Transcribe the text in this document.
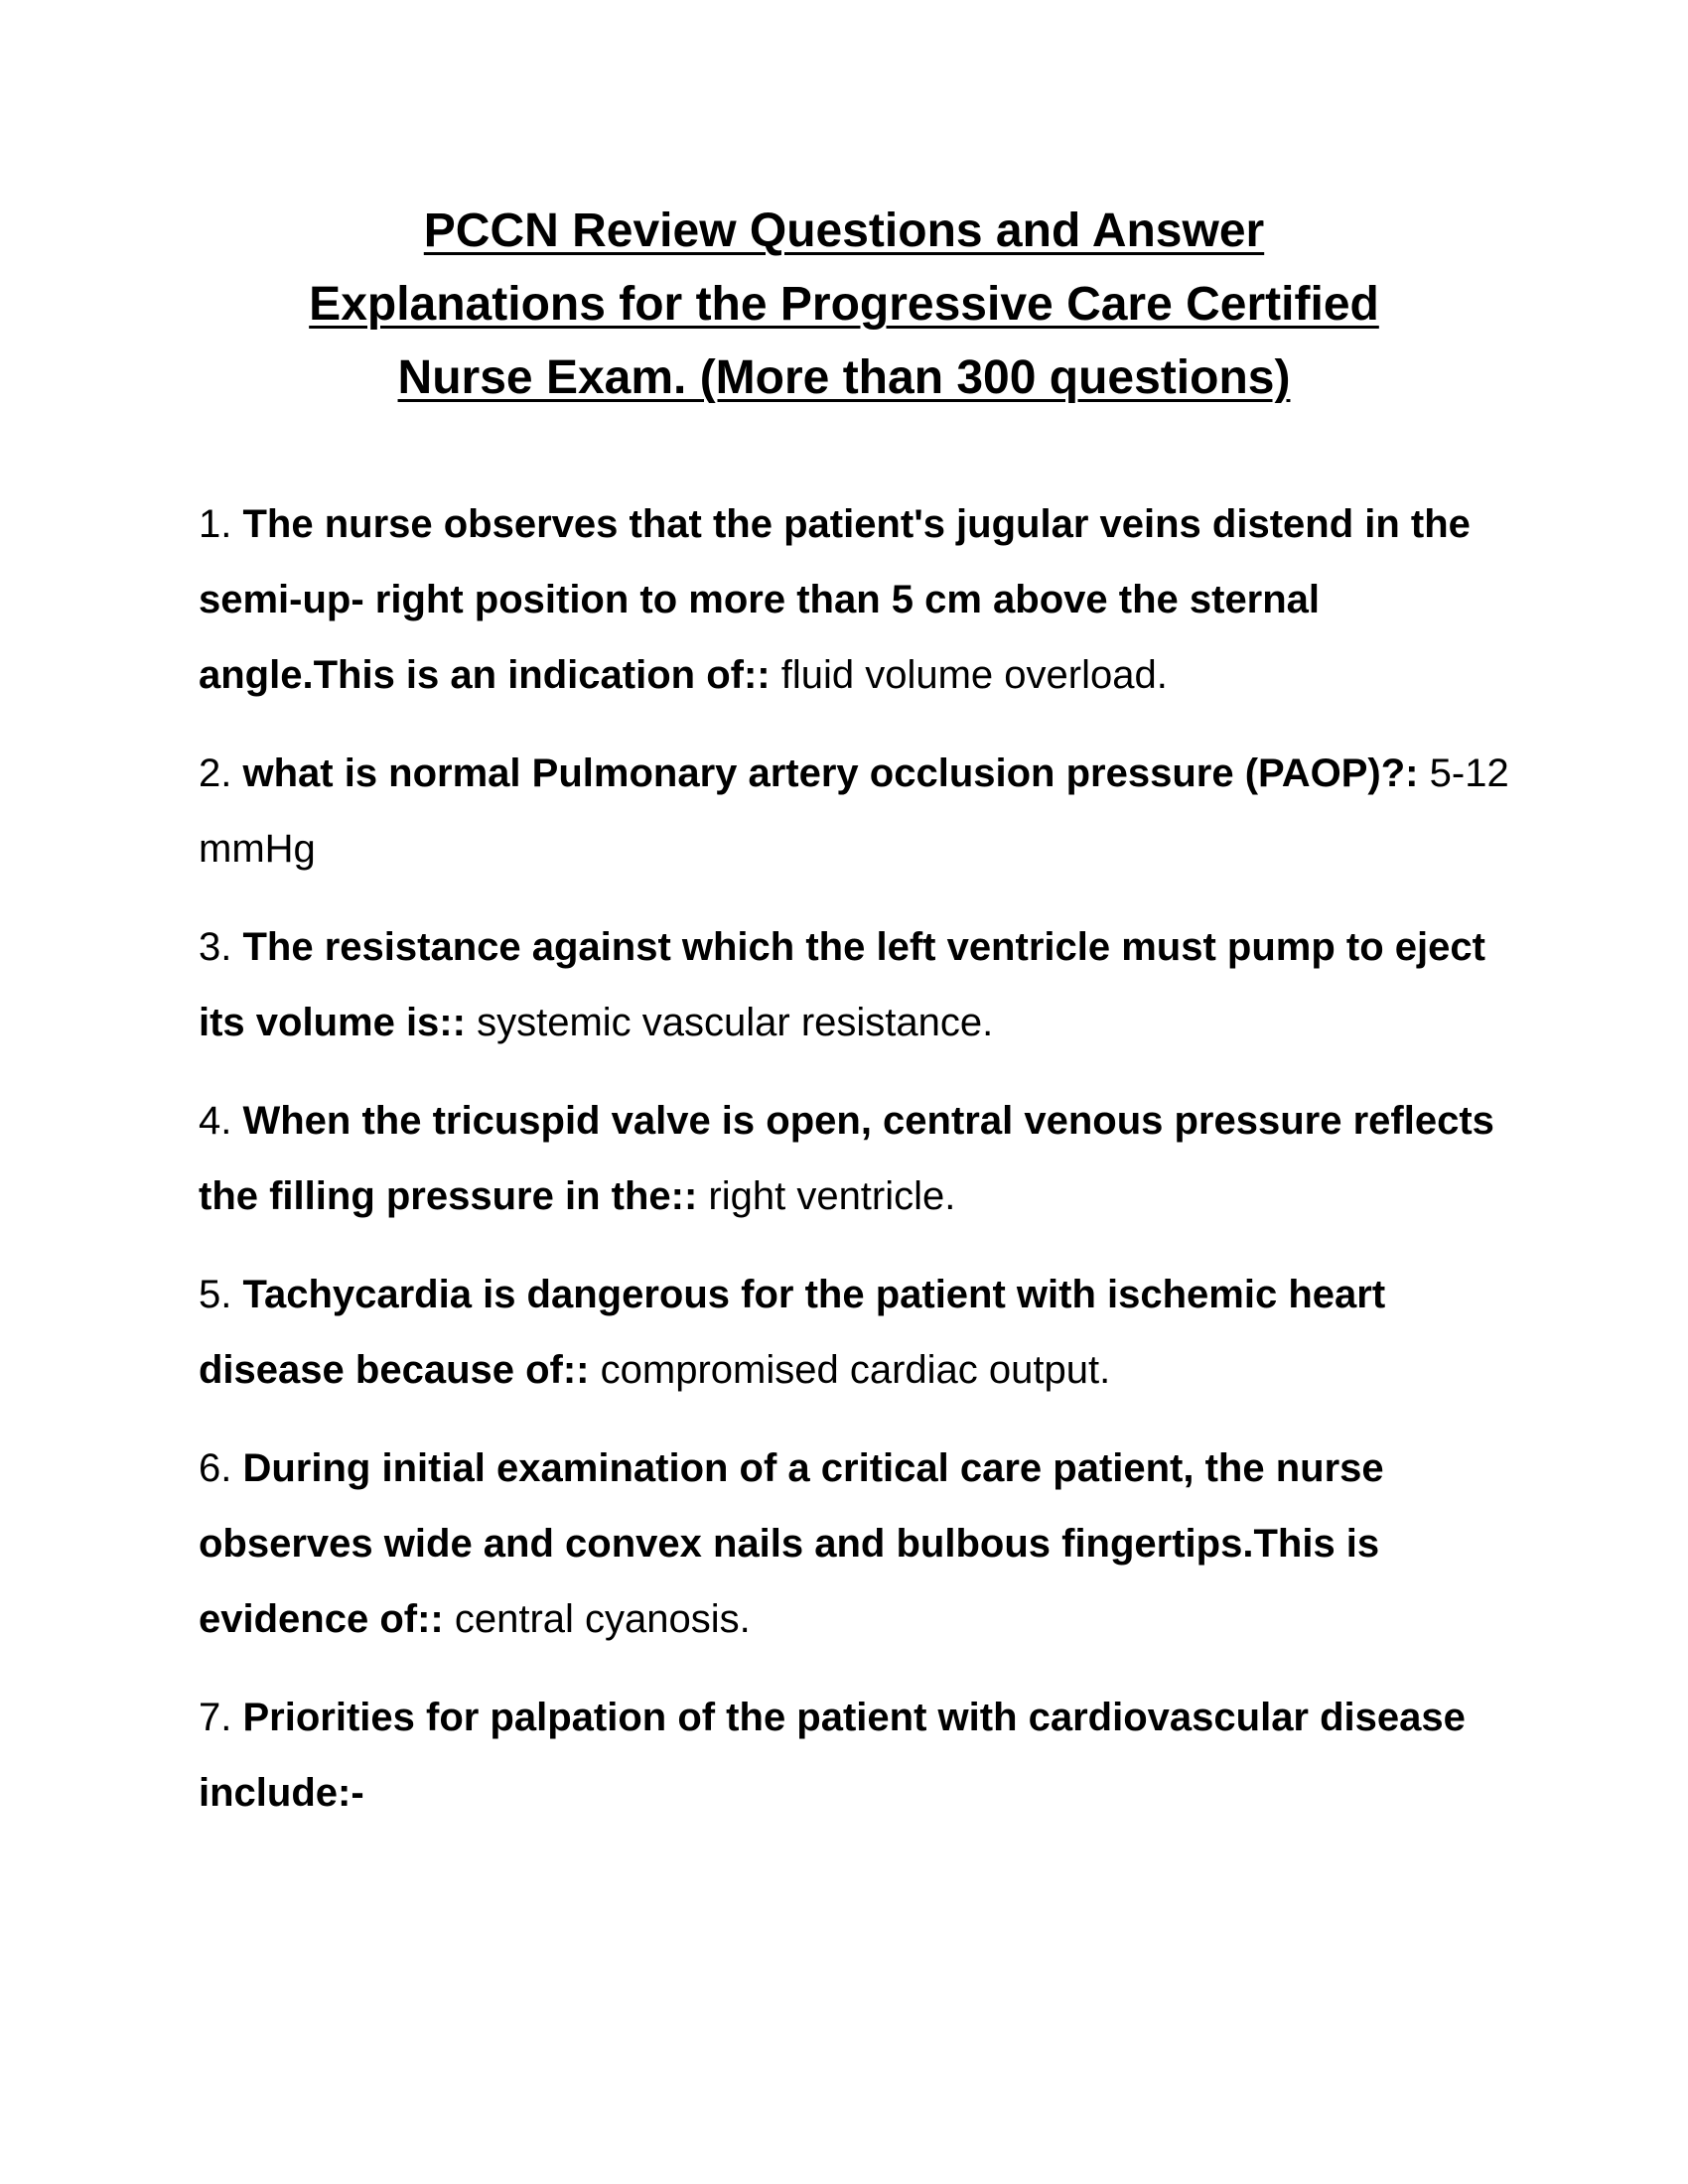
PCCN Review Questions and Answer
Explanations for the Progressive Care Certified
Nurse Exam. (More than 300 questions)
1. The nurse observes that the patient's jugular veins distend in the semi-up- right position to more than 5 cm above the sternal angle.This is an indication of:: fluid volume overload.
2. what is normal Pulmonary artery occlusion pressure (PAOP)?: 5-12 mmHg
3. The resistance against which the left ventricle must pump to eject its volume is:: systemic vascular resistance.
4. When the tricuspid valve is open, central venous pressure reflects the filling pressure in the:: right ventricle.
5. Tachycardia is dangerous for the patient with ischemic heart disease because of:: compromised cardiac output.
6. During initial examination of a critical care patient, the nurse observes wide and convex nails and bulbous fingertips.This is evidence of:: central cyanosis.
7. Priorities for palpation of the patient with cardiovascular disease include:-
